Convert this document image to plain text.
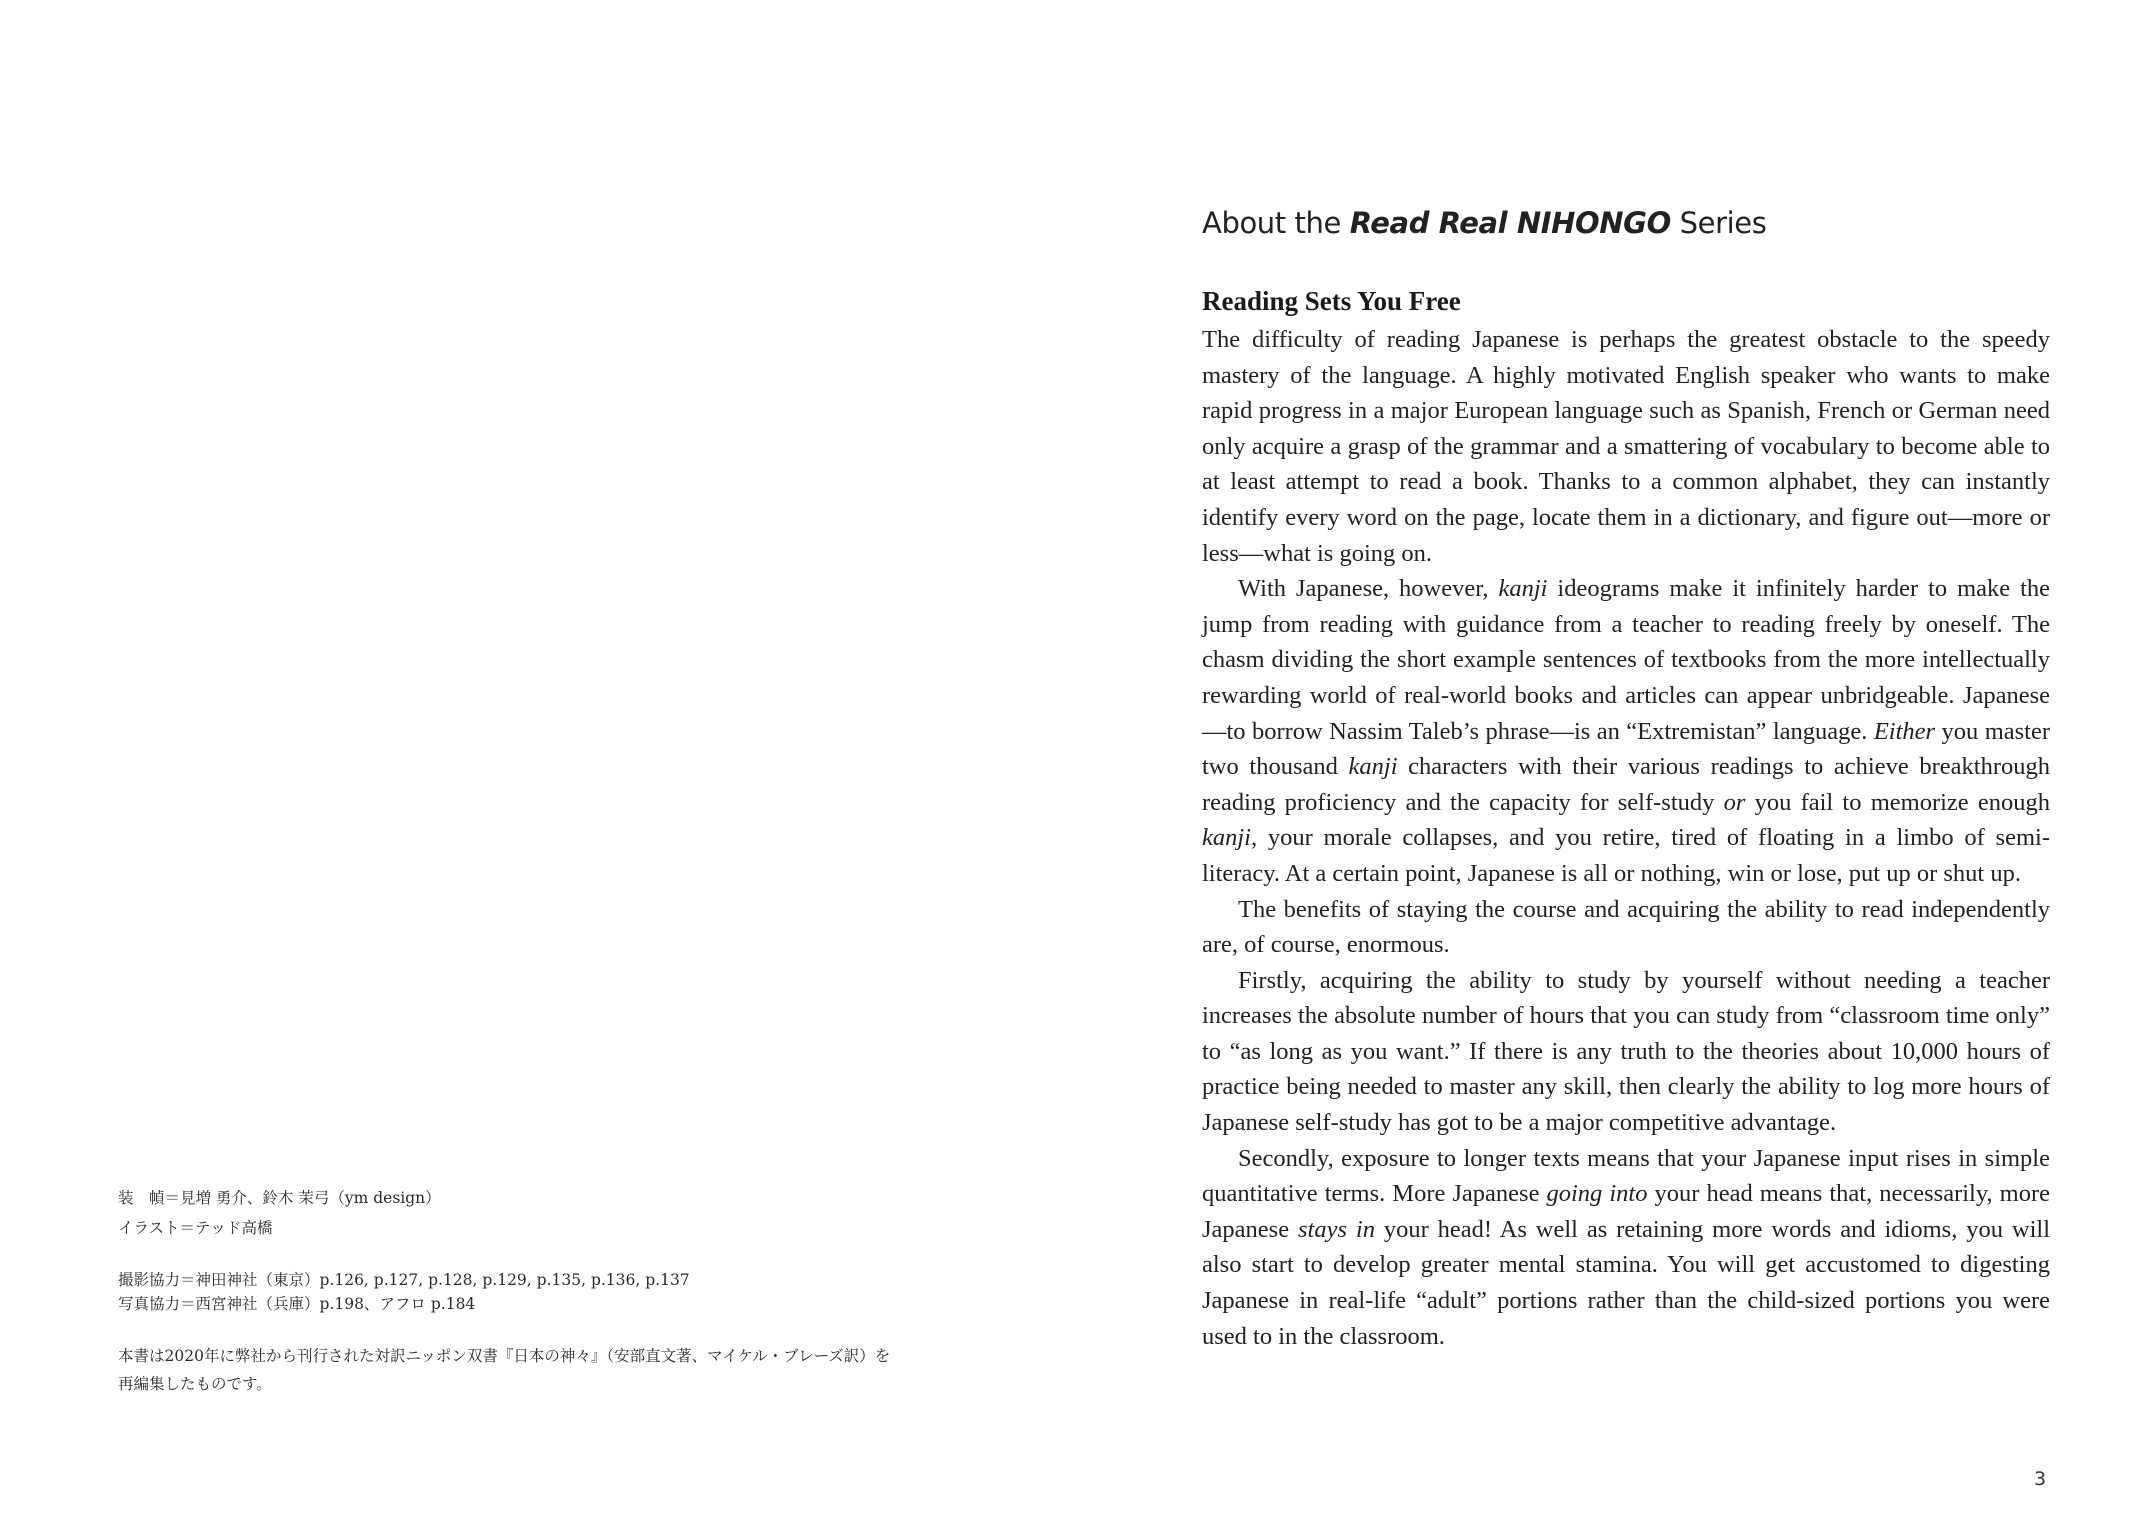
装　幀＝見増 勇介、鈴木 茉弓（ym design）
イラスト＝テッド高橋
撮影協力＝神田神社（東京）p.126, p.127, p.128, p.129, p.135, p.136, p.137
写真協力＝西宮神社（兵庫）p.198、アフロ p.184
本書は2020年に弊社から刊行された対訳ニッポン双書『日本の神々』（安部直文著、マイケル・ブレーズ訳）を
再編集したものです。
About the Read Real NIHONGO Series
Reading Sets You Free

The difficulty of reading Japanese is perhaps the greatest obstacle to the speedy mastery of the language. A highly motivated English speaker who wants to make rapid progress in a major European language such as Spanish, French or German need only acquire a grasp of the grammar and a smattering of vocabulary to become able to at least attempt to read a book. Thanks to a common alphabet, they can instantly identify every word on the page, locate them in a dictionary, and figure out—more or less—what is going on.

With Japanese, however, kanji ideograms make it infinitely harder to make the jump from reading with guidance from a teacher to reading freely by oneself. The chasm dividing the short example sentences of textbooks from the more intellectually rewarding world of real-world books and articles can appear unbridgeable. Japanese—to borrow Nassim Taleb’s phrase—is an “Extremistan” language. Either you master two thousand kanji characters with their various readings to achieve breakthrough reading proficiency and the capacity for self-study or you fail to memorize enough kanji, your morale collapses, and you retire, tired of floating in a limbo of semi-literacy. At a certain point, Japanese is all or nothing, win or lose, put up or shut up.

The benefits of staying the course and acquiring the ability to read independently are, of course, enormous.

Firstly, acquiring the ability to study by yourself without needing a teacher increases the absolute number of hours that you can study from “classroom time only” to “as long as you want.” If there is any truth to the theories about 10,000 hours of practice being needed to master any skill, then clearly the ability to log more hours of Japanese self-study has got to be a major competitive advantage.

Secondly, exposure to longer texts means that your Japanese input rises in simple quantitative terms. More Japanese going into your head means that, necessarily, more Japanese stays in your head! As well as retaining more words and idioms, you will also start to develop greater mental stamina. You will get accustomed to digesting Japanese in real-life “adult” portions rather than the child-sized portions you were used to in the classroom.

3
